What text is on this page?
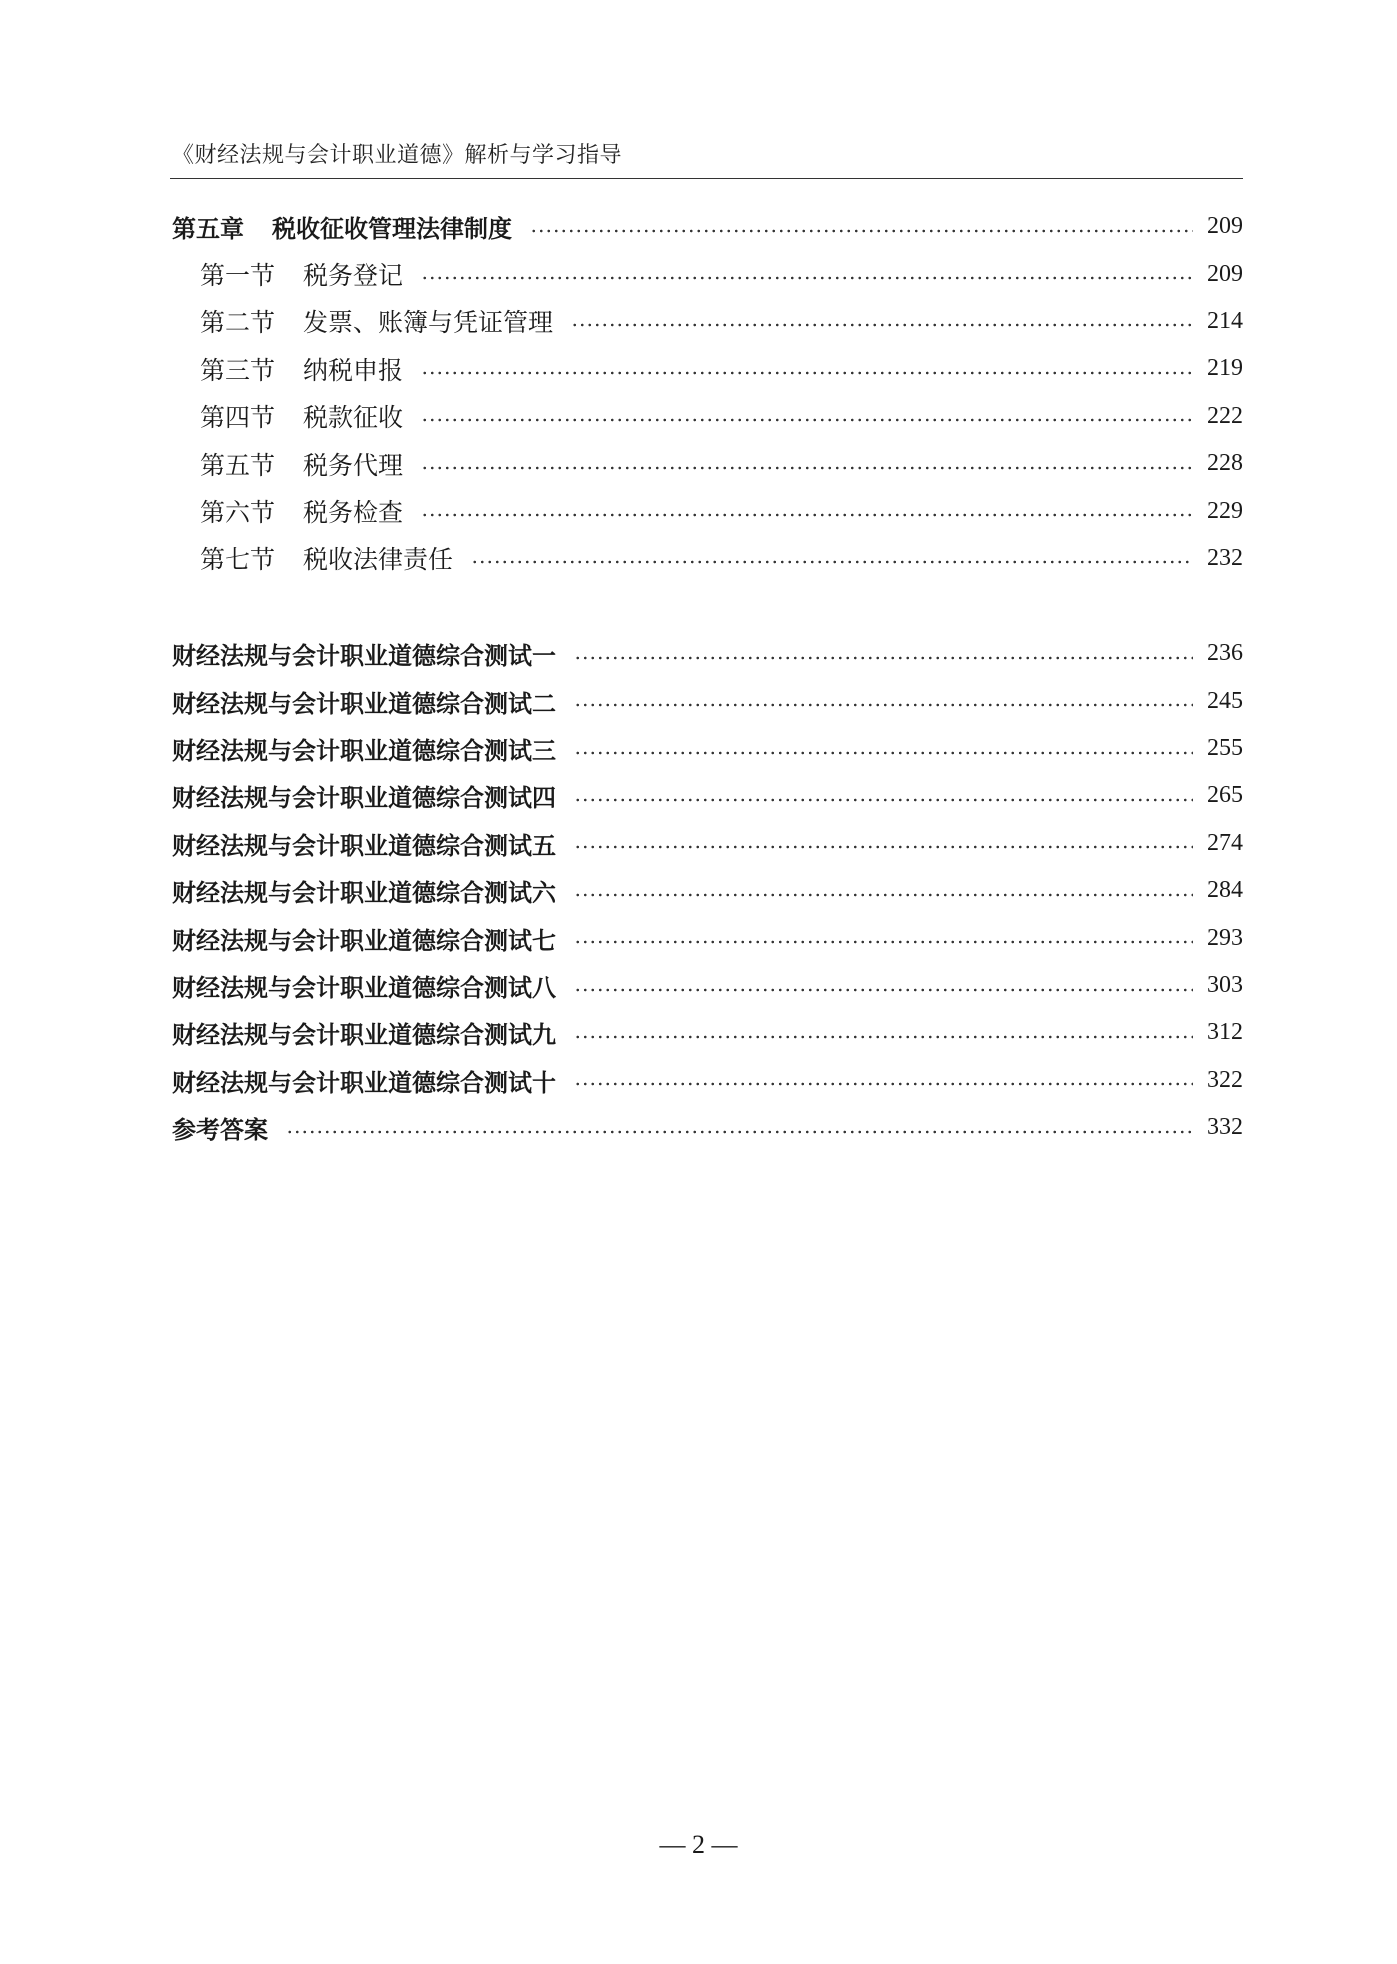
《财经法规与会计职业道德》解析与学习指导
第五章 税收征收管理法律制度	209
第一节 税务登记	209
第二节 发票、账簿与凭证管理	214
第三节 纳税申报	219
第四节 税款征收	222
第五节 税务代理	228
第六节 税务检查	229
第七节 税收法律责任	232
财经法规与会计职业道德综合测试一	236
财经法规与会计职业道德综合测试二	245
财经法规与会计职业道德综合测试三	255
财经法规与会计职业道德综合测试四	265
财经法规与会计职业道德综合测试五	274
财经法规与会计职业道德综合测试六	284
财经法规与会计职业道德综合测试七	293
财经法规与会计职业道德综合测试八	303
财经法规与会计职业道德综合测试九	312
财经法规与会计职业道德综合测试十	322
参考答案	332
— 2 —
